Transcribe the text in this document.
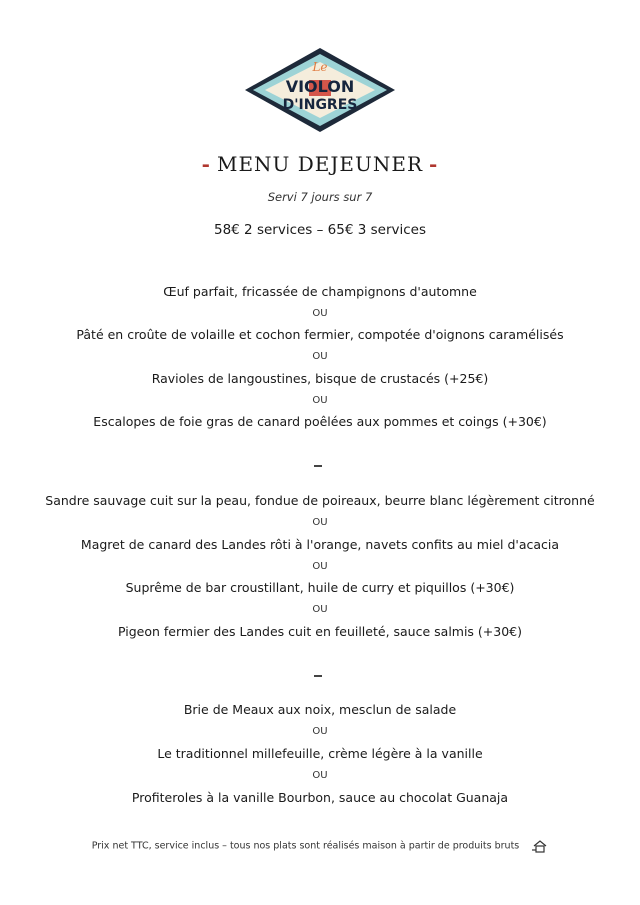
Le
VIOLON
D'INGRES
- MENU DEJEUNER -
Servi 7 jours sur 7
58€ 2 services – 65€ 3 services
Œuf parfait, fricassée de champignons d'automne
OU
Pâté en croûte de volaille et cochon fermier, compotée d'oignons caramélisés
OU
Ravioles de langoustines, bisque de crustacés (+25€)
OU
Escalopes de foie gras de canard poêlées aux pommes et coings (+30€)
Sandre sauvage cuit sur la peau, fondue de poireaux, beurre blanc légèrement citronné
OU
Magret de canard des Landes rôti à l'orange, navets confits au miel d'acacia
OU
Suprême de bar croustillant, huile de curry et piquillos (+30€)
OU
Pigeon fermier des Landes cuit en feuilleté, sauce salmis (+30€)
Brie de Meaux aux noix, mesclun de salade
OU
Le traditionnel millefeuille, crème légère à la vanille
OU
Profiteroles à la vanille Bourbon, sauce au chocolat Guanaja
Prix net TTC, service inclus – tous nos plats sont réalisés maison à partir de produits bruts
